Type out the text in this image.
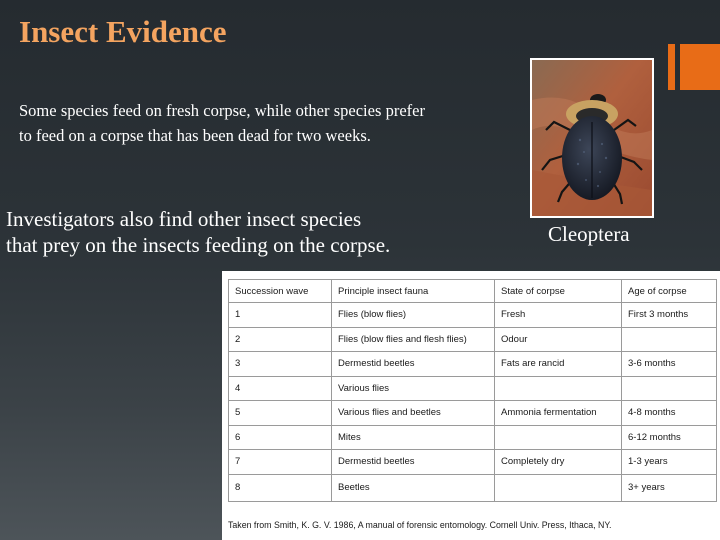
Insect Evidence
Some species feed on fresh corpse, while other species prefer to feed on a corpse that has been dead for two weeks.
Investigators also find other insect species that prey on the insects feeding on the corpse.	Cleoptera
Succession wave	Principle insect fauna	State of corpse	Age of corpse
1	Flies (blow flies)	Fresh	First 3 months
2	Flies (blow flies and flesh flies)	Odour	
3	Dermestid beetles	Fats are rancid	3-6 months
4	Various flies		
5	Various flies and beetles	Ammonia fermentation	4-8 months
6	Mites		6-12 months
7	Dermestid beetles	Completely dry	1-3 years
8	Beetles		3+ years
Taken from Smith, K. G. V. 1986, A manual of forensic entomology. Cornell Univ. Press, Ithaca, NY.
